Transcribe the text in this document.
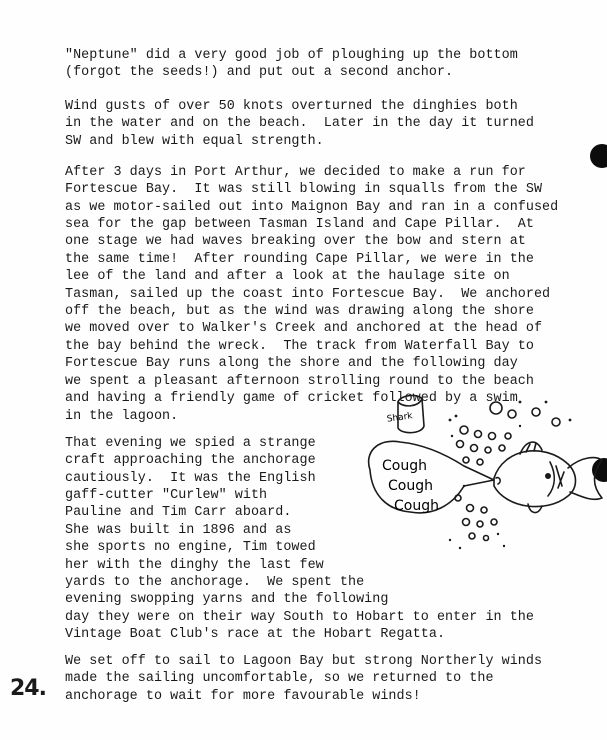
"Neptune" did a very good job of ploughing up the bottom
(forgot the seeds!) and put out a second anchor.

Wind gusts of over 50 knots overturned the dinghies both
in the water and on the beach.  Later in the day it turned
SW and blew with equal strength.

After 3 days in Port Arthur, we decided to make a run for
Fortescue Bay.  It was still blowing in squalls from the SW
as we motor-sailed out into Maignon Bay and ran in a confused
sea for the gap between Tasman Island and Cape Pillar.  At
one stage we had waves breaking over the bow and stern at
the same time!  After rounding Cape Pillar, we were in the
lee of the land and after a look at the haulage site on
Tasman, sailed up the coast into Fortescue Bay.  We anchored
off the beach, but as the wind was drawing along the shore
we moved over to Walker's Creek and anchored at the head of
the bay behind the wreck.  The track from Waterfall Bay to
Fortescue Bay runs along the shore and the following day
we spent a pleasant afternoon strolling round to the beach
and having a friendly game of cricket followed by a swim
in the lagoon.

That evening we spied a strange
craft approaching the anchorage
cautiously.  It was the English
gaff-cutter "Curlew" with
Pauline and Tim Carr aboard.
She was built in 1896 and as
she sports no engine, Tim towed
her with the dinghy the last few
yards to the anchorage.  We spent the
evening swopping yarns and the following
day they were on their way South to Hobart to enter in the
Vintage Boat Club's race at the Hobart Regatta.

We set off to sail to Lagoon Bay but strong Northerly winds
made the sailing uncomfortable, so we returned to the
anchorage to wait for more favourable winds!

Shark
Cough
Cough
Cough
24.
